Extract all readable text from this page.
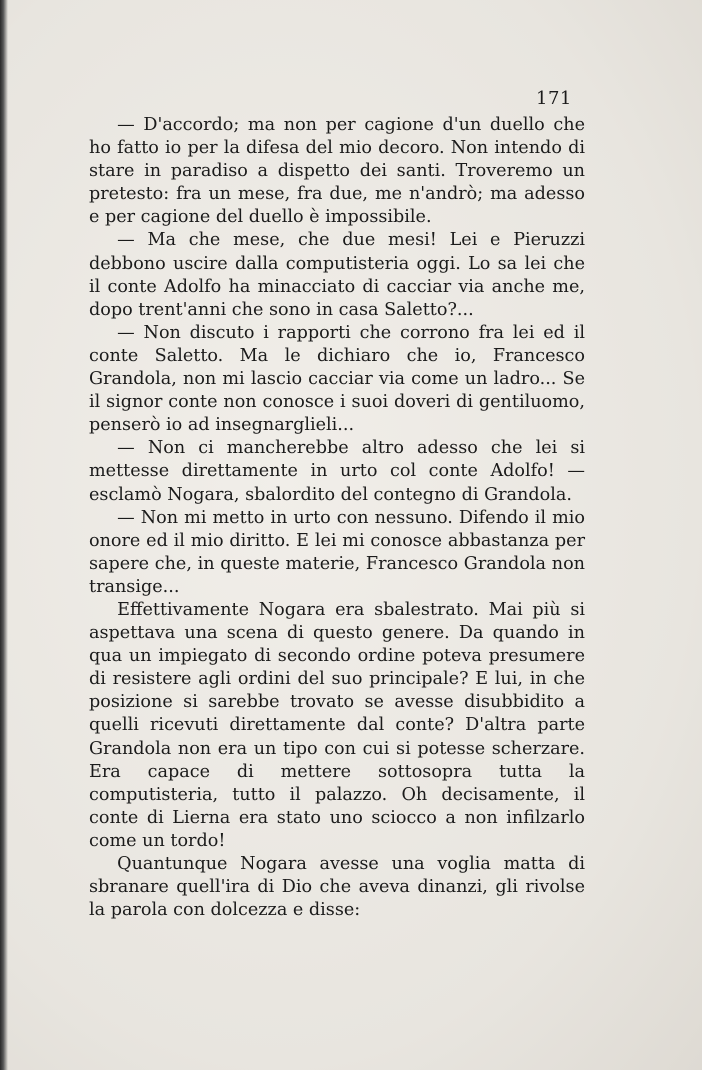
171

— D'accordo; ma non per cagione d'un duello che ho fatto io per la difesa del mio decoro. Non intendo di stare in paradiso a dispetto dei santi. Troveremo un pretesto: fra un mese, fra due, me n'andrò; ma adesso e per cagione del duello è impossibile.

— Ma che mese, che due mesi! Lei e Pieruzzi debbono uscire dalla computisteria oggi. Lo sa lei che il conte Adolfo ha minacciato di cacciar via anche me, dopo trent'anni che sono in casa Saletto?...

— Non discuto i rapporti che corrono fra lei ed il conte Saletto. Ma le dichiaro che io, Francesco Grandola, non mi lascio cacciar via come un ladro... Se il signor conte non conosce i suoi doveri di gentiluomo, penserò io ad insegnarglieli...

— Non ci mancherebbe altro adesso che lei si mettesse direttamente in urto col conte Adolfo! — esclamò Nogara, sbalordito del contegno di Grandola.

— Non mi metto in urto con nessuno. Difendo il mio onore ed il mio diritto. E lei mi conosce abbastanza per sapere che, in queste materie, Francesco Grandola non transige...

Effettivamente Nogara era sbalestrato. Mai più si aspettava una scena di questo genere. Da quando in qua un impiegato di secondo ordine poteva presumere di resistere agli ordini del suo principale? E lui, in che posizione si sarebbe trovato se avesse disubbidito a quelli ricevuti direttamente dal conte? D'altra parte Grandola non era un tipo con cui si potesse scherzare. Era capace di mettere sottosopra tutta la computisteria, tutto il palazzo. Oh decisamente, il conte di Lierna era stato uno sciocco a non infilzarlo come un tordo!

Quantunque Nogara avesse una voglia matta di sbranare quell'ira di Dio che aveva dinanzi, gli rivolse la parola con dolcezza e disse:
